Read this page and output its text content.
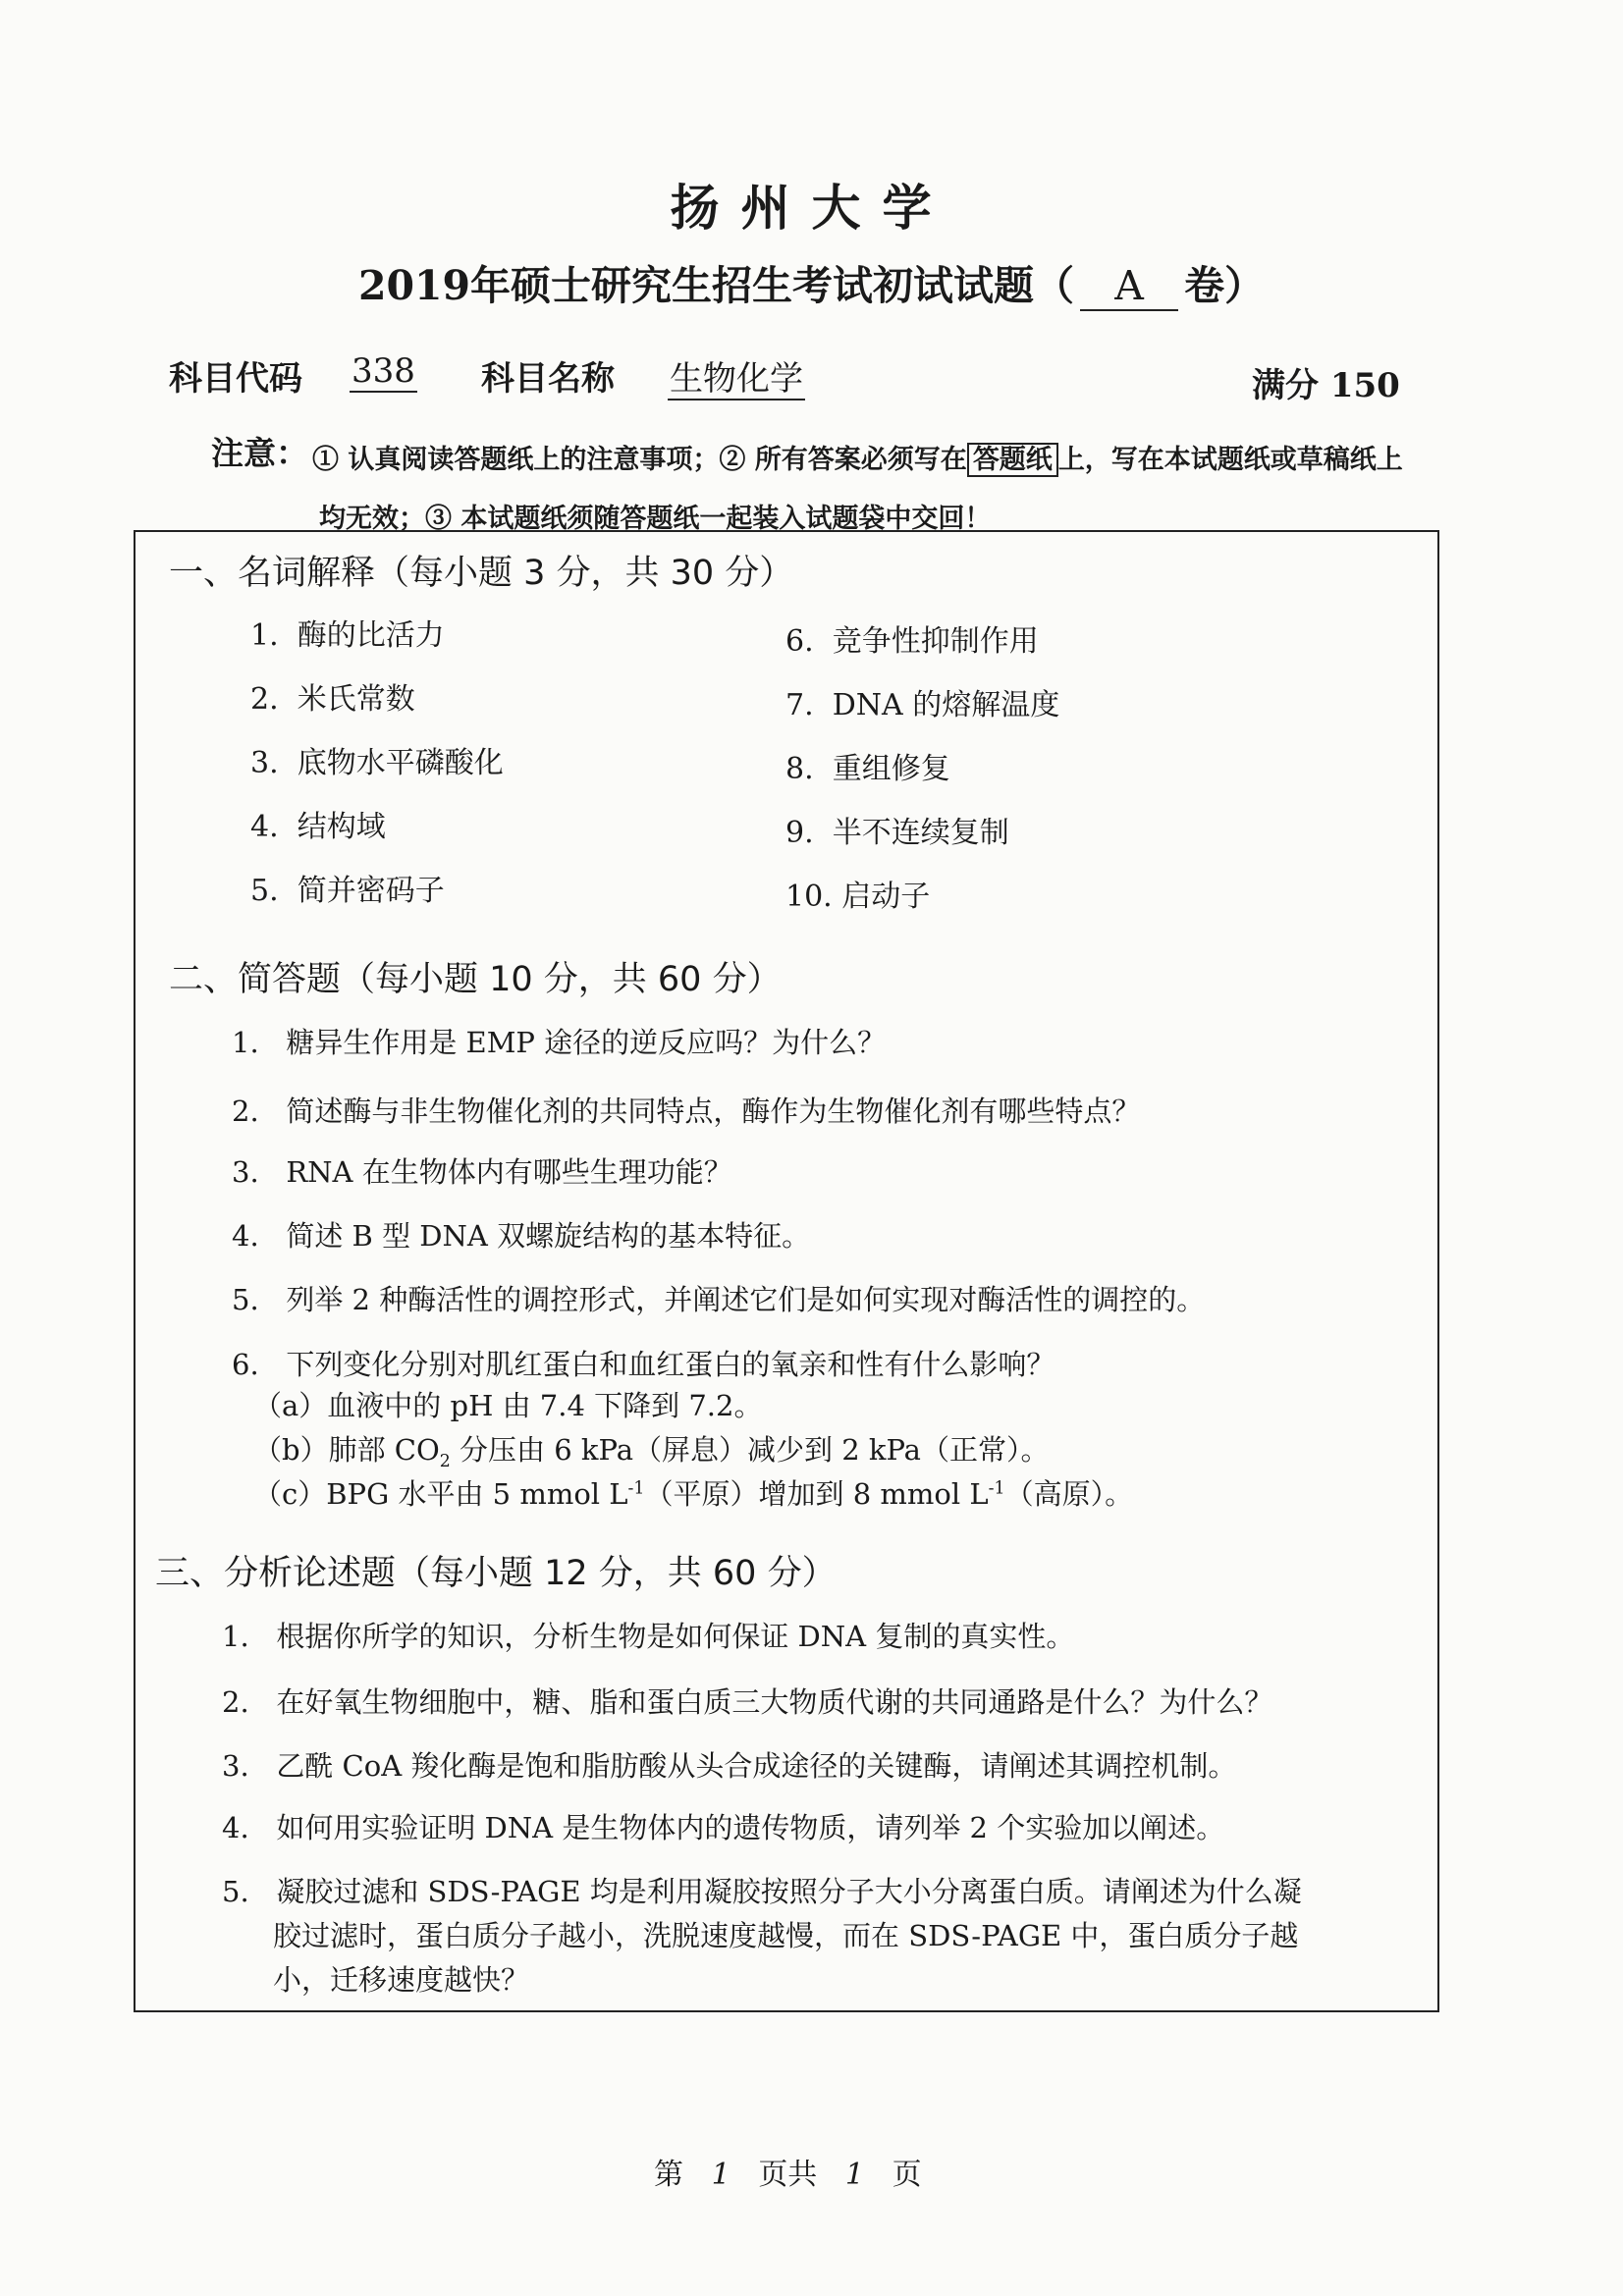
扬州大学
2019年硕士研究生招生考试初试试题（ A 卷）
科目代码 338 科目名称 生物化学	满分 150
注意： ① 认真阅读答题纸上的注意事项；② 所有答案必须写在 答题纸 上，写在本试题纸或草稿纸上
均无效；③ 本试题纸须随答题纸一起装入试题袋中交回！
一、名词解释（每小题 3 分，共 30 分）
1. 酶的比活力
2. 米氏常数
3. 底物水平磷酸化
4. 结构域
5. 简并密码子
6. 竞争性抑制作用
7. DNA 的熔解温度
8. 重组修复
9. 半不连续复制
10. 启动子
二、简答题（每小题 10 分，共 60 分）
1. 糖异生作用是 EMP 途径的逆反应吗？为什么？
2. 简述酶与非生物催化剂的共同特点，酶作为生物催化剂有哪些特点？
3. RNA 在生物体内有哪些生理功能？
4. 简述 B 型 DNA 双螺旋结构的基本特征。
5. 列举 2 种酶活性的调控形式，并阐述它们是如何实现对酶活性的调控的。
6. 下列变化分别对肌红蛋白和血红蛋白的氧亲和性有什么影响？
（a）血液中的 pH 由 7.4 下降到 7.2。
（b）肺部 $CO_2$ 分压由 6 kPa（屏息）减少到 2 kPa（正常）。
（c）BPG 水平由 5 mmol $L^{-1}$（平原）增加到 8 mmol $L^{-1}$（高原）。
三、分析论述题（每小题 12 分，共 60 分）
1. 根据你所学的知识，分析生物是如何保证 DNA 复制的真实性。
2. 在好氧生物细胞中，糖、脂和蛋白质三大物质代谢的共同通路是什么？为什么？
3. 乙酰 CoA 羧化酶是饱和脂肪酸从头合成途径的关键酶，请阐述其调控机制。
4. 如何用实验证明 DNA 是生物体内的遗传物质，请列举 2 个实验加以阐述。
5. 凝胶过滤和 SDS-PAGE 均是利用凝胶按照分子大小分离蛋白质。请阐述为什么凝
胶过滤时，蛋白质分子越小，洗脱速度越慢，而在 SDS-PAGE 中，蛋白质分子越
小，迁移速度越快？
第 1 页共 1 页
